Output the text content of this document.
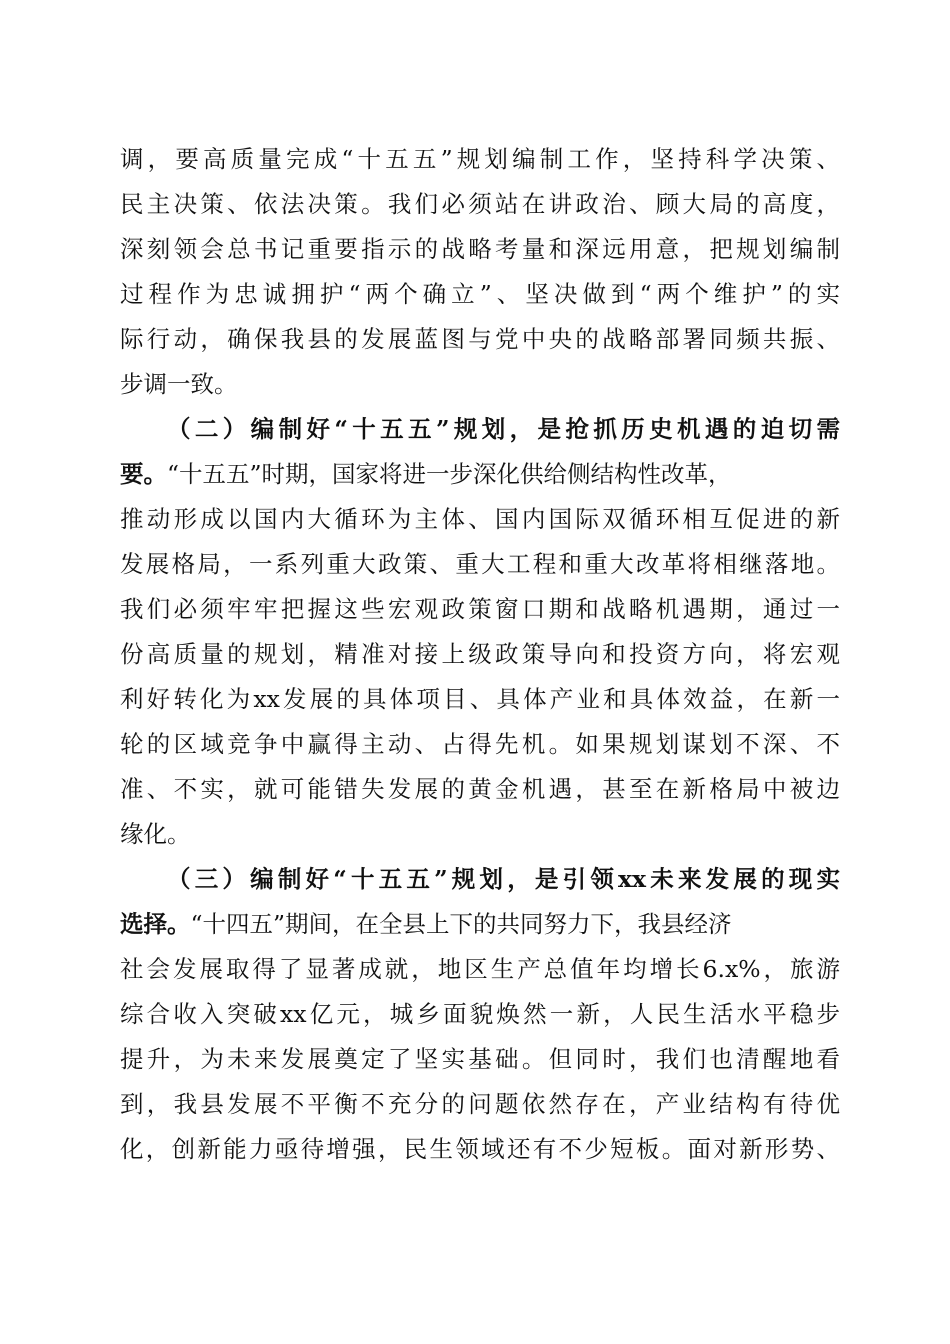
调，要高质量完成“十五五”规划编制工作，坚持科学决策、
民主决策、依法决策。我们必须站在讲政治、顾大局的高度，
深刻领会总书记重要指示的战略考量和深远用意，把规划编制
过程作为忠诚拥护“两个确立”、坚决做到“两个维护”的实
际行动，确保我县的发展蓝图与党中央的战略部署同频共振、
步调一致。
（二）编制好“十五五”规划，是抢抓历史机遇的迫切需
要。“十五五”时期，国家将进一步深化供给侧结构性改革，
推动形成以国内大循环为主体、国内国际双循环相互促进的新
发展格局，一系列重大政策、重大工程和重大改革将相继落地。
我们必须牢牢把握这些宏观政策窗口期和战略机遇期，通过一
份高质量的规划，精准对接上级政策导向和投资方向，将宏观
利好转化为xx发展的具体项目、具体产业和具体效益，在新一
轮的区域竞争中赢得主动、占得先机。如果规划谋划不深、不
准、不实，就可能错失发展的黄金机遇，甚至在新格局中被边
缘化。
（三）编制好“十五五”规划，是引领xx未来发展的现实
选择。“十四五”期间，在全县上下的共同努力下，我县经济
社会发展取得了显著成就，地区生产总值年均增长6.x%，旅游
综合收入突破xx亿元，城乡面貌焕然一新，人民生活水平稳步
提升，为未来发展奠定了坚实基础。但同时，我们也清醒地看
到，我县发展不平衡不充分的问题依然存在，产业结构有待优
化，创新能力亟待增强，民生领域还有不少短板。面对新形势、
